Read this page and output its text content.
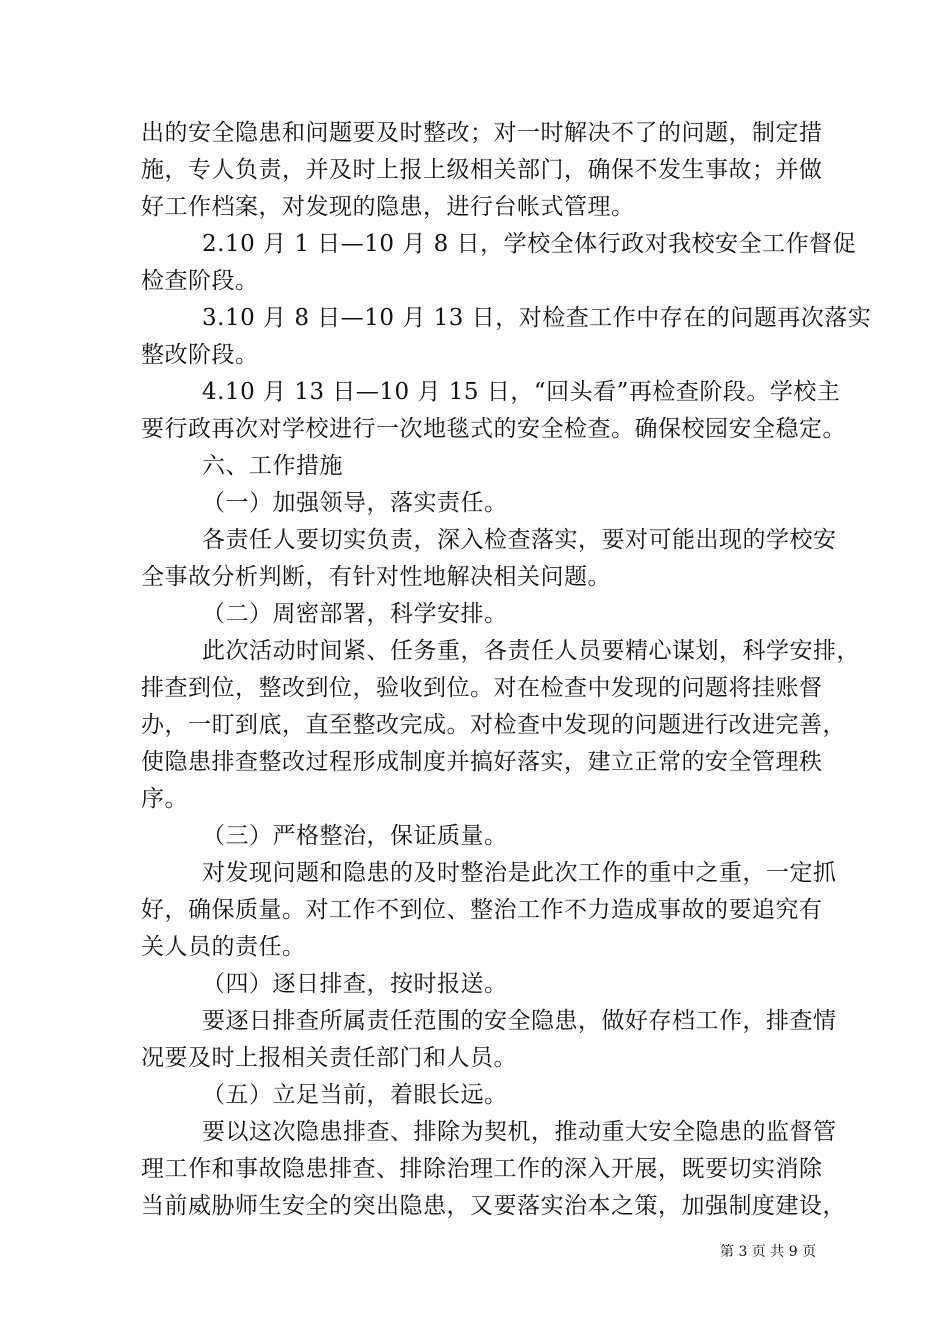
出的安全隐患和问题要及时整改；对一时解决不了的问题，制定措
施，专人负责，并及时上报上级相关部门，确保不发生事故；并做
好工作档案，对发现的隐患，进行台帐式管理。
2.10 月 1 日—10 月 8 日，学校全体行政对我校安全工作督促
检查阶段。
3.10 月 8 日—10 月 13 日，对检查工作中存在的问题再次落实
整改阶段。
4.10 月 13 日—10 月 15 日，“回头看”再检查阶段。学校主
要行政再次对学校进行一次地毯式的安全检查。确保校园安全稳定。
六、工作措施
（一）加强领导，落实责任。
各责任人要切实负责，深入检查落实，要对可能出现的学校安
全事故分析判断，有针对性地解决相关问题。
（二）周密部署，科学安排。
此次活动时间紧、任务重，各责任人员要精心谋划，科学安排，
排查到位，整改到位，验收到位。对在检查中发现的问题将挂账督
办，一盯到底，直至整改完成。对检查中发现的问题进行改进完善，
使隐患排查整改过程形成制度并搞好落实，建立正常的安全管理秩
序。
（三）严格整治，保证质量。
对发现问题和隐患的及时整治是此次工作的重中之重，一定抓
好，确保质量。对工作不到位、整治工作不力造成事故的要追究有
关人员的责任。
（四）逐日排查，按时报送。
要逐日排查所属责任范围的安全隐患，做好存档工作，排查情
况要及时上报相关责任部门和人员。
（五）立足当前，着眼长远。
要以这次隐患排查、排除为契机，推动重大安全隐患的监督管
理工作和事故隐患排查、排除治理工作的深入开展，既要切实消除
当前威胁师生安全的突出隐患，又要落实治本之策，加强制度建设，
第 3 页 共 9 页
